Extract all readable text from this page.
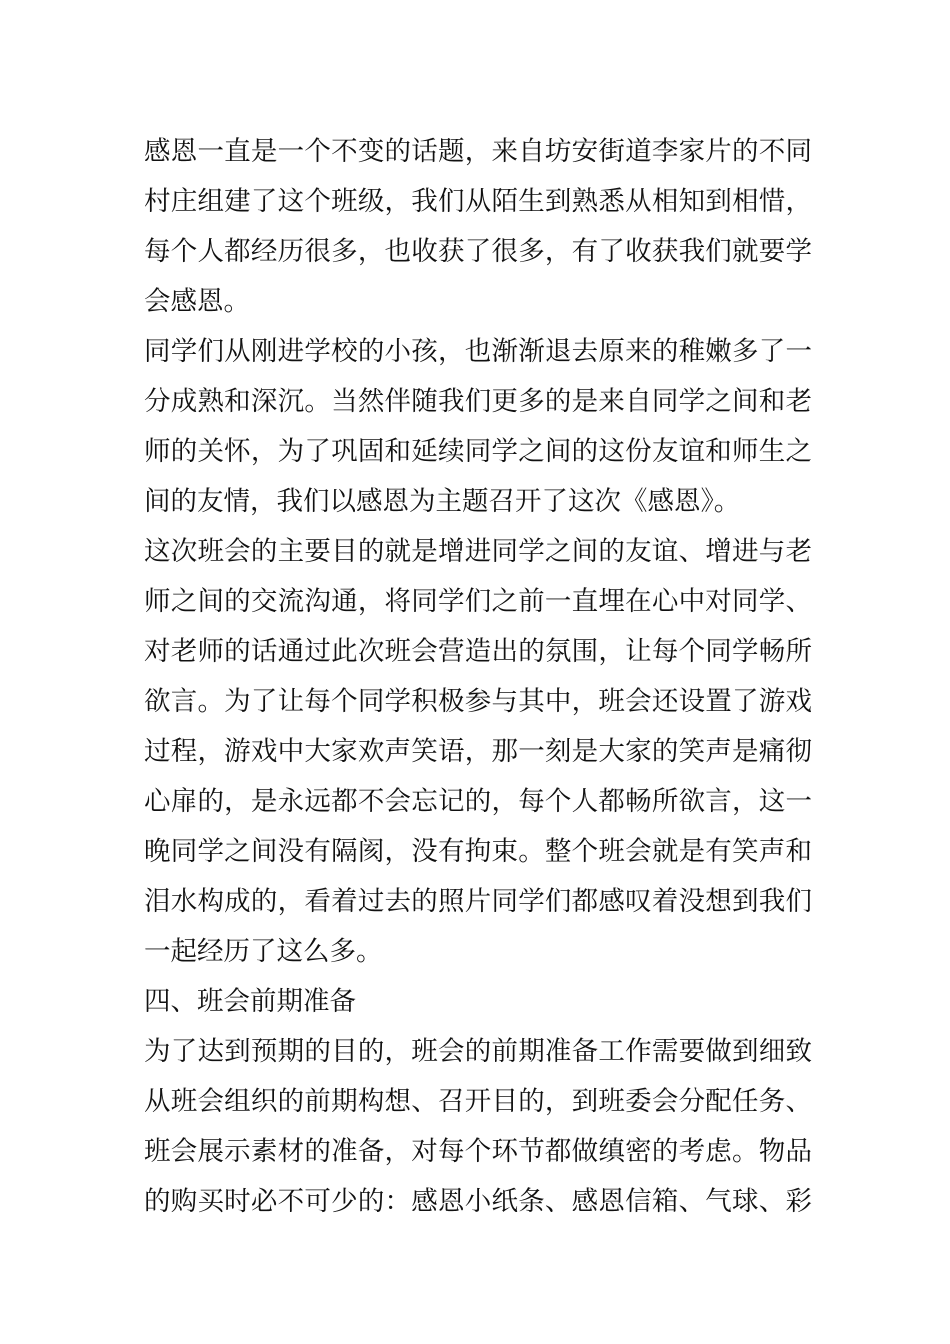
感恩一直是一个不变的话题，来自坊安街道李家片的不同
村庄组建了这个班级，我们从陌生到熟悉从相知到相惜，
每个人都经历很多，也收获了很多，有了收获我们就要学
会感恩。
同学们从刚进学校的小孩，也渐渐退去原来的稚嫩多了一
分成熟和深沉。当然伴随我们更多的是来自同学之间和老
师的关怀，为了巩固和延续同学之间的这份友谊和师生之
间的友情，我们以感恩为主题召开了这次《感恩》。
这次班会的主要目的就是增进同学之间的友谊、增进与老
师之间的交流沟通，将同学们之前一直埋在心中对同学、
对老师的话通过此次班会营造出的氛围，让每个同学畅所
欲言。为了让每个同学积极参与其中，班会还设置了游戏
过程，游戏中大家欢声笑语，那一刻是大家的笑声是痛彻
心扉的，是永远都不会忘记的，每个人都畅所欲言，这一
晚同学之间没有隔阂，没有拘束。整个班会就是有笑声和
泪水构成的，看着过去的照片同学们都感叹着没想到我们
一起经历了这么多。
四、班会前期准备
为了达到预期的目的，班会的前期准备工作需要做到细致
从班会组织的前期构想、召开目的，到班委会分配任务、
班会展示素材的准备，对每个环节都做缜密的考虑。物品
的购买时必不可少的：感恩小纸条、感恩信箱、气球、彩
